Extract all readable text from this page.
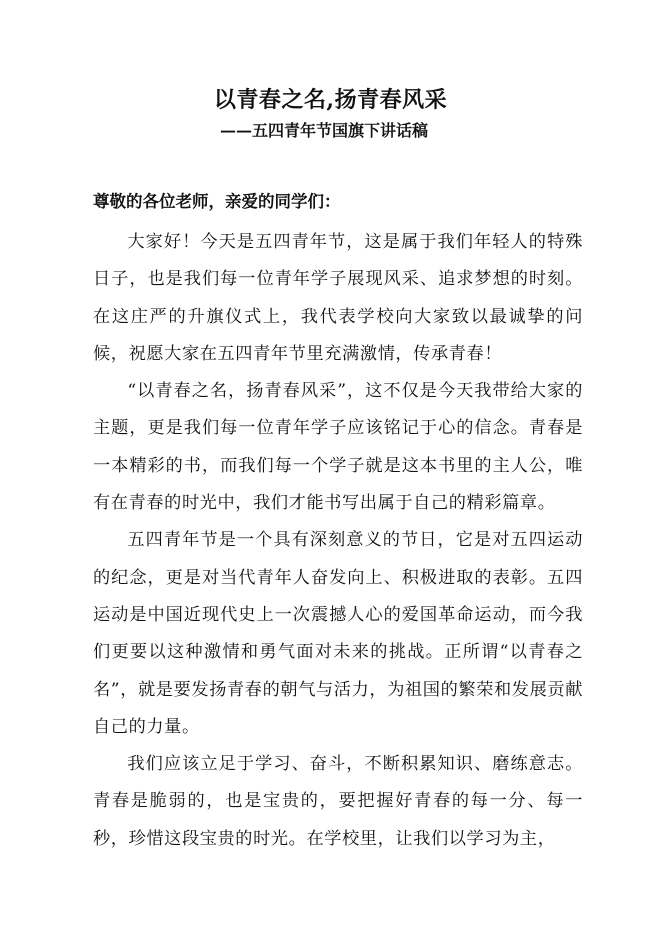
以青春之名,扬青春风采
——五四青年节国旗下讲话稿
尊敬的各位老师，亲爱的同学们：

大家好！今天是五四青年节，这是属于我们年轻人的特殊日子，也是我们每一位青年学子展现风采、追求梦想的时刻。在这庄严的升旗仪式上，我代表学校向大家致以最诚挚的问候，祝愿大家在五四青年节里充满激情，传承青春！

“以青春之名，扬青春风采”，这不仅是今天我带给大家的主题，更是我们每一位青年学子应该铭记于心的信念。青春是一本精彩的书，而我们每一个学子就是这本书里的主人公，唯有在青春的时光中，我们才能书写出属于自己的精彩篇章。

五四青年节是一个具有深刻意义的节日，它是对五四运动的纪念，更是对当代青年人奋发向上、积极进取的表彰。五四运动是中国近现代史上一次震撼人心的爱国革命运动，而今我们更要以这种激情和勇气面对未来的挑战。正所谓“以青春之名”，就是要发扬青春的朝气与活力，为祖国的繁荣和发展贡献自己的力量。

我们应该立足于学习、奋斗，不断积累知识、磨练意志。青春是脆弱的，也是宝贵的，要把握好青春的每一分、每一秒，珍惜这段宝贵的时光。在学校里，让我们以学习为主，
